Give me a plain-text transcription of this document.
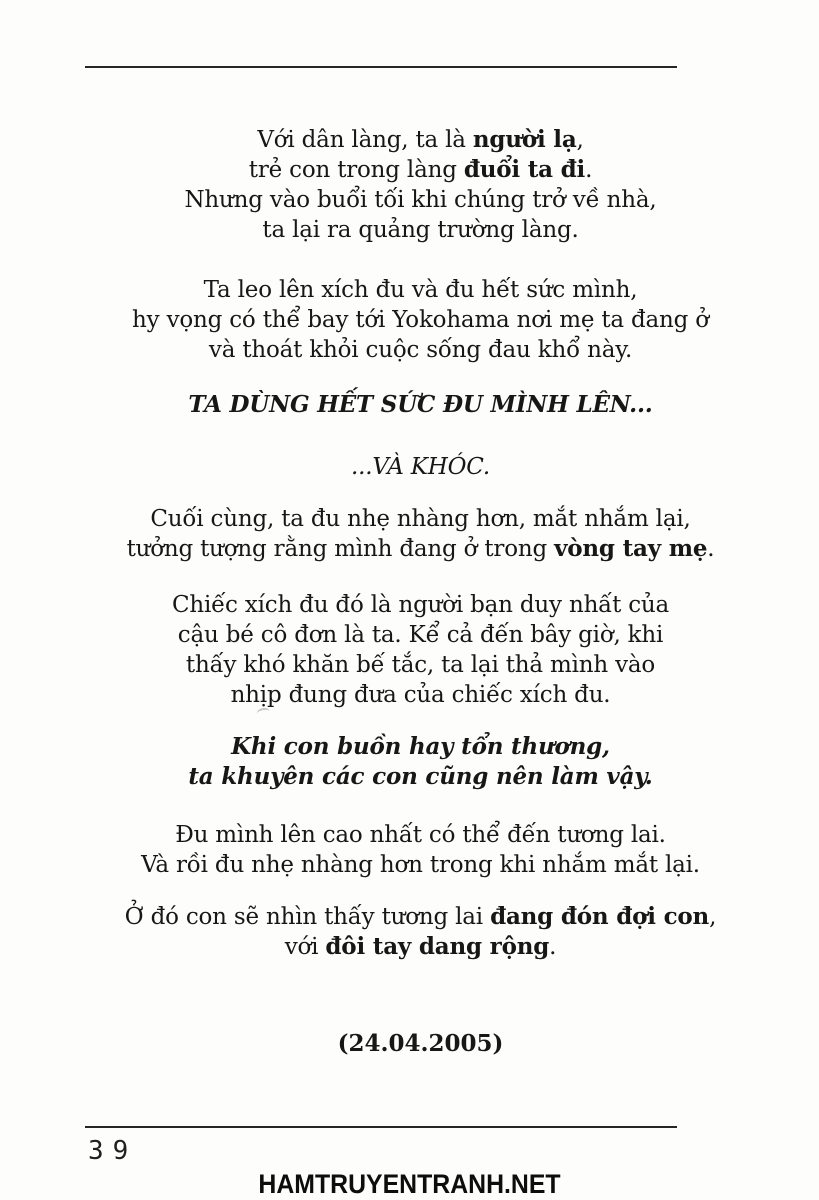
Với dân làng, ta là người lạ,
trẻ con trong làng đuổi ta đi.
Nhưng vào buổi tối khi chúng trở về nhà,
ta lại ra quảng trường làng.
Ta leo lên xích đu và đu hết sức mình,
hy vọng có thể bay tới Yokohama nơi mẹ ta đang ở
và thoát khỏi cuộc sống đau khổ này.
TA DÙNG HẾT SỨC ĐU MÌNH LÊN...
...VÀ KHÓC.
Cuối cùng, ta đu nhẹ nhàng hơn, mắt nhắm lại,
tưởng tượng rằng mình đang ở trong vòng tay mẹ.
Chiếc xích đu đó là người bạn duy nhất của
cậu bé cô đơn là ta. Kể cả đến bây giờ, khi
thấy khó khăn bế tắc, ta lại thả mình vào
nhịp đung đưa của chiếc xích đu.
Khi con buồn hay tổn thương,
ta khuyên các con cũng nên làm vậy.
Đu mình lên cao nhất có thể đến tương lai.
Và rồi đu nhẹ nhàng hơn trong khi nhắm mắt lại.
Ở đó con sẽ nhìn thấy tương lai đang đón đợi con,
với đôi tay dang rộng.
(24.04.2005)
39
HAMTRUYENTRANH.NET
